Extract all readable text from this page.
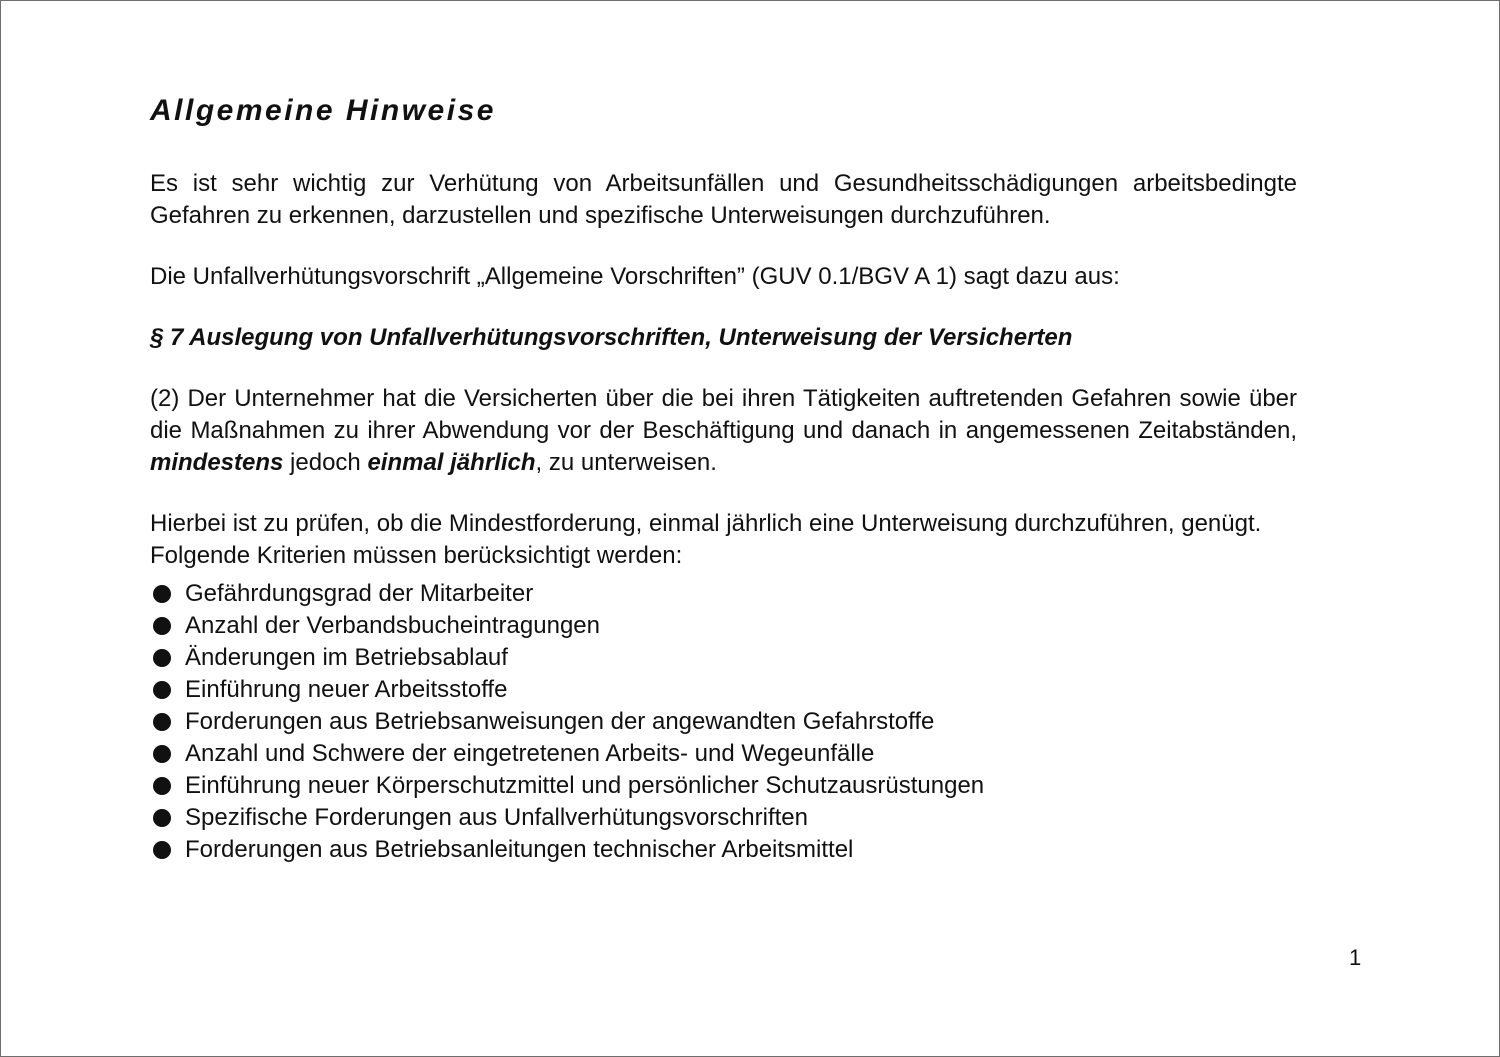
Allgemeine Hinweise

Es ist sehr wichtig zur Verhütung von Arbeitsunfällen und Gesundheitsschädigungen arbeitsbedingte Gefahren zu erkennen, darzustellen und spezifische Unterweisungen durchzuführen.

Die Unfallverhütungsvorschrift „Allgemeine Vorschriften” (GUV 0.1/BGV A 1) sagt dazu aus:

§ 7 Auslegung von Unfallverhütungsvorschriften, Unterweisung der Versicherten

(2) Der Unternehmer hat die Versicherten über die bei ihren Tätigkeiten auftretenden Gefahren sowie über die Maßnahmen zu ihrer Abwendung vor der Beschäftigung und danach in angemessenen Zeitabständen, mindestens jedoch einmal jährlich, zu unterweisen.

Hierbei ist zu prüfen, ob die Mindestforderung, einmal jährlich eine Unterweisung durchzuführen, genügt.

Folgende Kriterien müssen berücksichtigt werden:

Gefährdungsgrad der Mitarbeiter
Anzahl der Verbandsbucheintragungen
Änderungen im Betriebsablauf
Einführung neuer Arbeitsstoffe
Forderungen aus Betriebsanweisungen der angewandten Gefahrstoffe
Anzahl und Schwere der eingetretenen Arbeits- und Wegeunfälle
Einführung neuer Körperschutzmittel und persönlicher Schutzausrüstungen
Spezifische Forderungen aus Unfallverhütungsvorschriften
Forderungen aus Betriebsanleitungen technischer Arbeitsmittel
1
